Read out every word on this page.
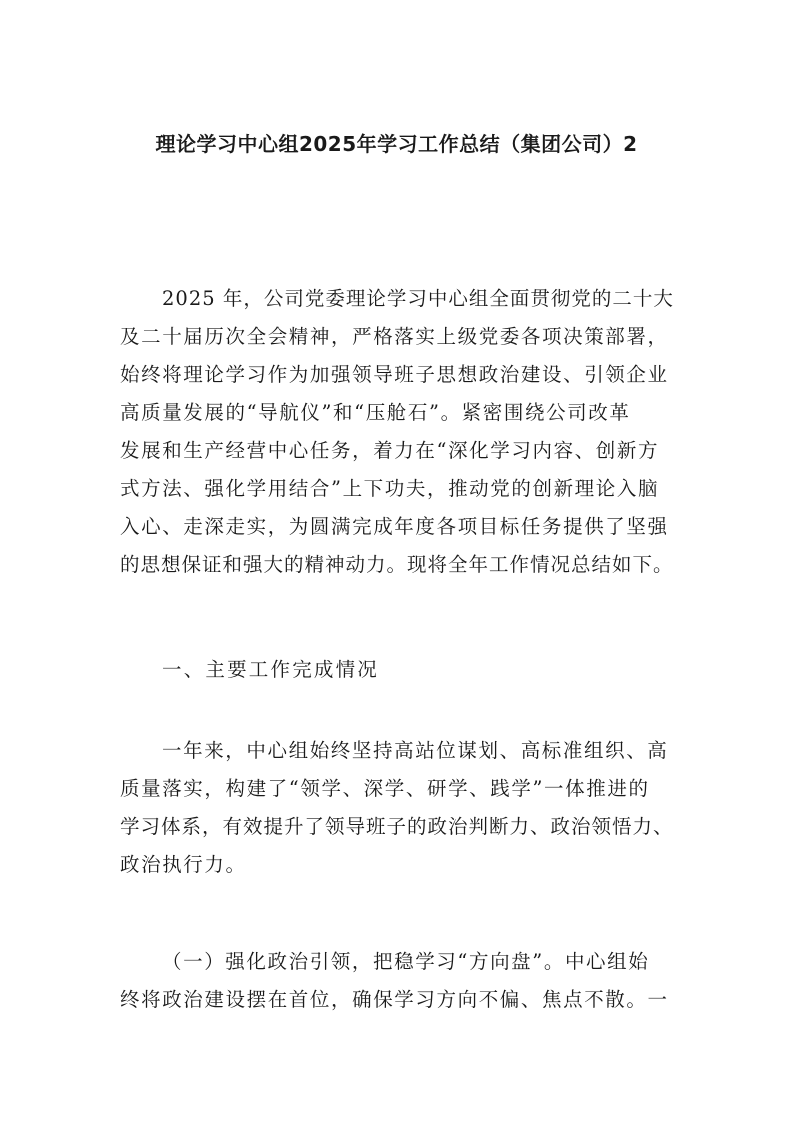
理论学习中心组2025年学习工作总结（集团公司）2
2025 年，公司党委理论学习中心组全面贯彻党的二十大
及二十届历次全会精神，严格落实上级党委各项决策部署，
始终将理论学习作为加强领导班子思想政治建设、引领企业
高质量发展的“导航仪”和“压舱石”。紧密围绕公司改革
发展和生产经营中心任务，着力在“深化学习内容、创新方
式方法、强化学用结合”上下功夫，推动党的创新理论入脑
入心、走深走实，为圆满完成年度各项目标任务提供了坚强
的思想保证和强大的精神动力。现将全年工作情况总结如下。
一、主要工作完成情况
一年来，中心组始终坚持高站位谋划、高标准组织、高
质量落实，构建了“领学、深学、研学、践学”一体推进的
学习体系，有效提升了领导班子的政治判断力、政治领悟力、
政治执行力。
（一）强化政治引领，把稳学习“方向盘”。中心组始
终将政治建设摆在首位，确保学习方向不偏、焦点不散。一
